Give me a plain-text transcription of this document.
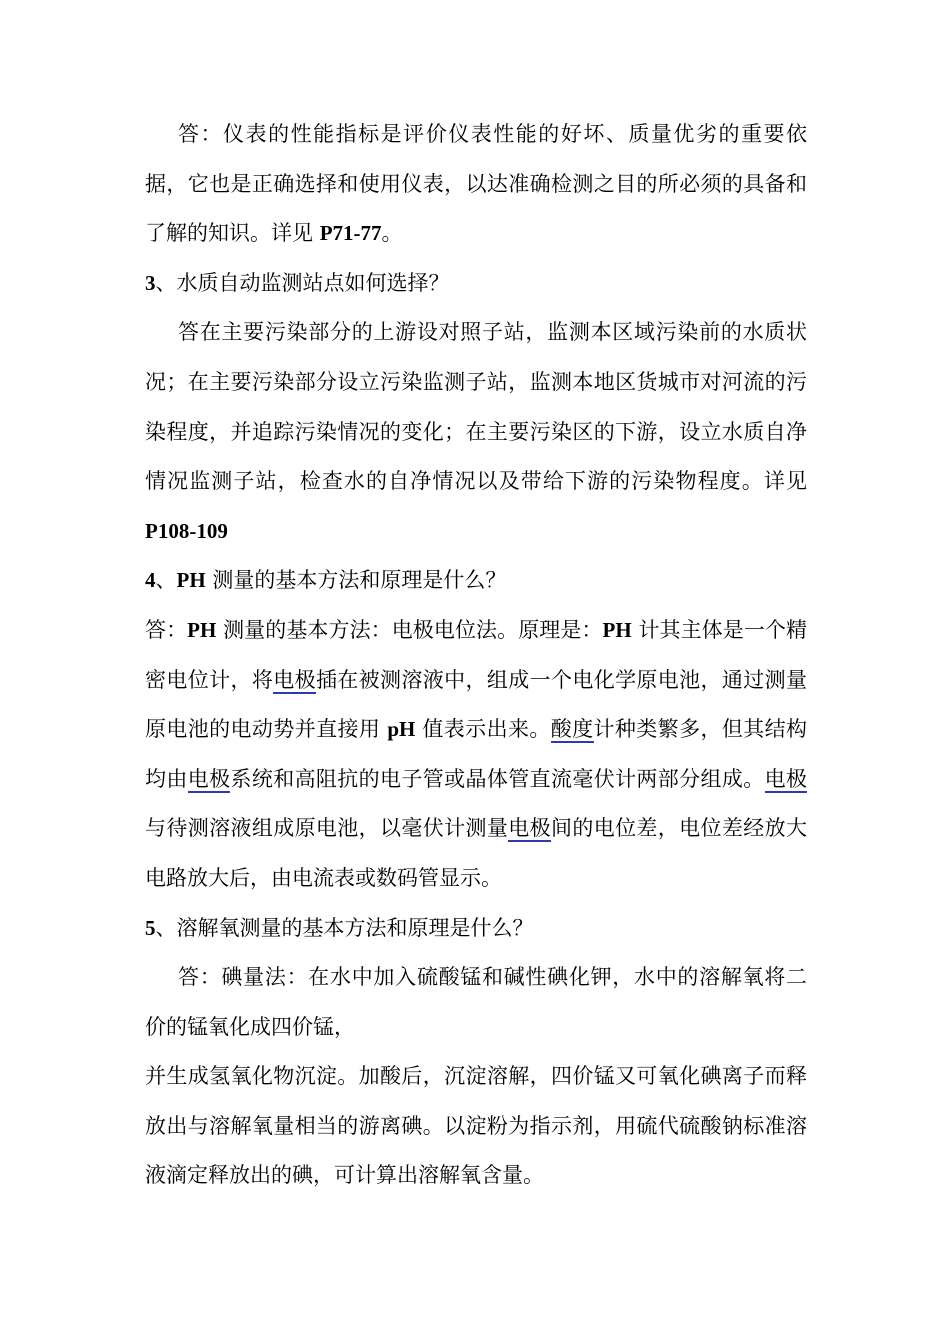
答：仪表的性能指标是评价仪表性能的好坏、质量优劣的重要依据，它也是正确选择和使用仪表，以达准确检测之目的所必须的具备和了解的知识。详见 P71-77。

3、水质自动监测站点如何选择？

答在主要污染部分的上游设对照子站，监测本区域污染前的水质状况；在主要污染部分设立污染监测子站，监测本地区货城市对河流的污染程度，并追踪污染情况的变化；在主要污染区的下游，设立水质自净情况监测子站，检查水的自净情况以及带给下游的污染物程度。详见 P108-109

4、PH 测量的基本方法和原理是什么？

答：PH 测量的基本方法：电极电位法。原理是：PH 计其主体是一个精密电位计，将电极插在被测溶液中，组成一个电化学原电池，通过测量原电池的电动势并直接用 pH 值表示出来。酸度计种类繁多，但其结构均由电极系统和高阻抗的电子管或晶体管直流毫伏计两部分组成。电极与待测溶液组成原电池，以毫伏计测量电极间的电位差，电位差经放大电路放大后，由电流表或数码管显示。

5、溶解氧测量的基本方法和原理是什么？

答：碘量法：在水中加入硫酸锰和碱性碘化钾，水中的溶解氧将二价的锰氧化成四价锰，

并生成氢氧化物沉淀。加酸后，沉淀溶解，四价锰又可氧化碘离子而释放出与溶解氧量相当的游离碘。以淀粉为指示剂，用硫代硫酸钠标准溶液滴定释放出的碘，可计算出溶解氧含量。
